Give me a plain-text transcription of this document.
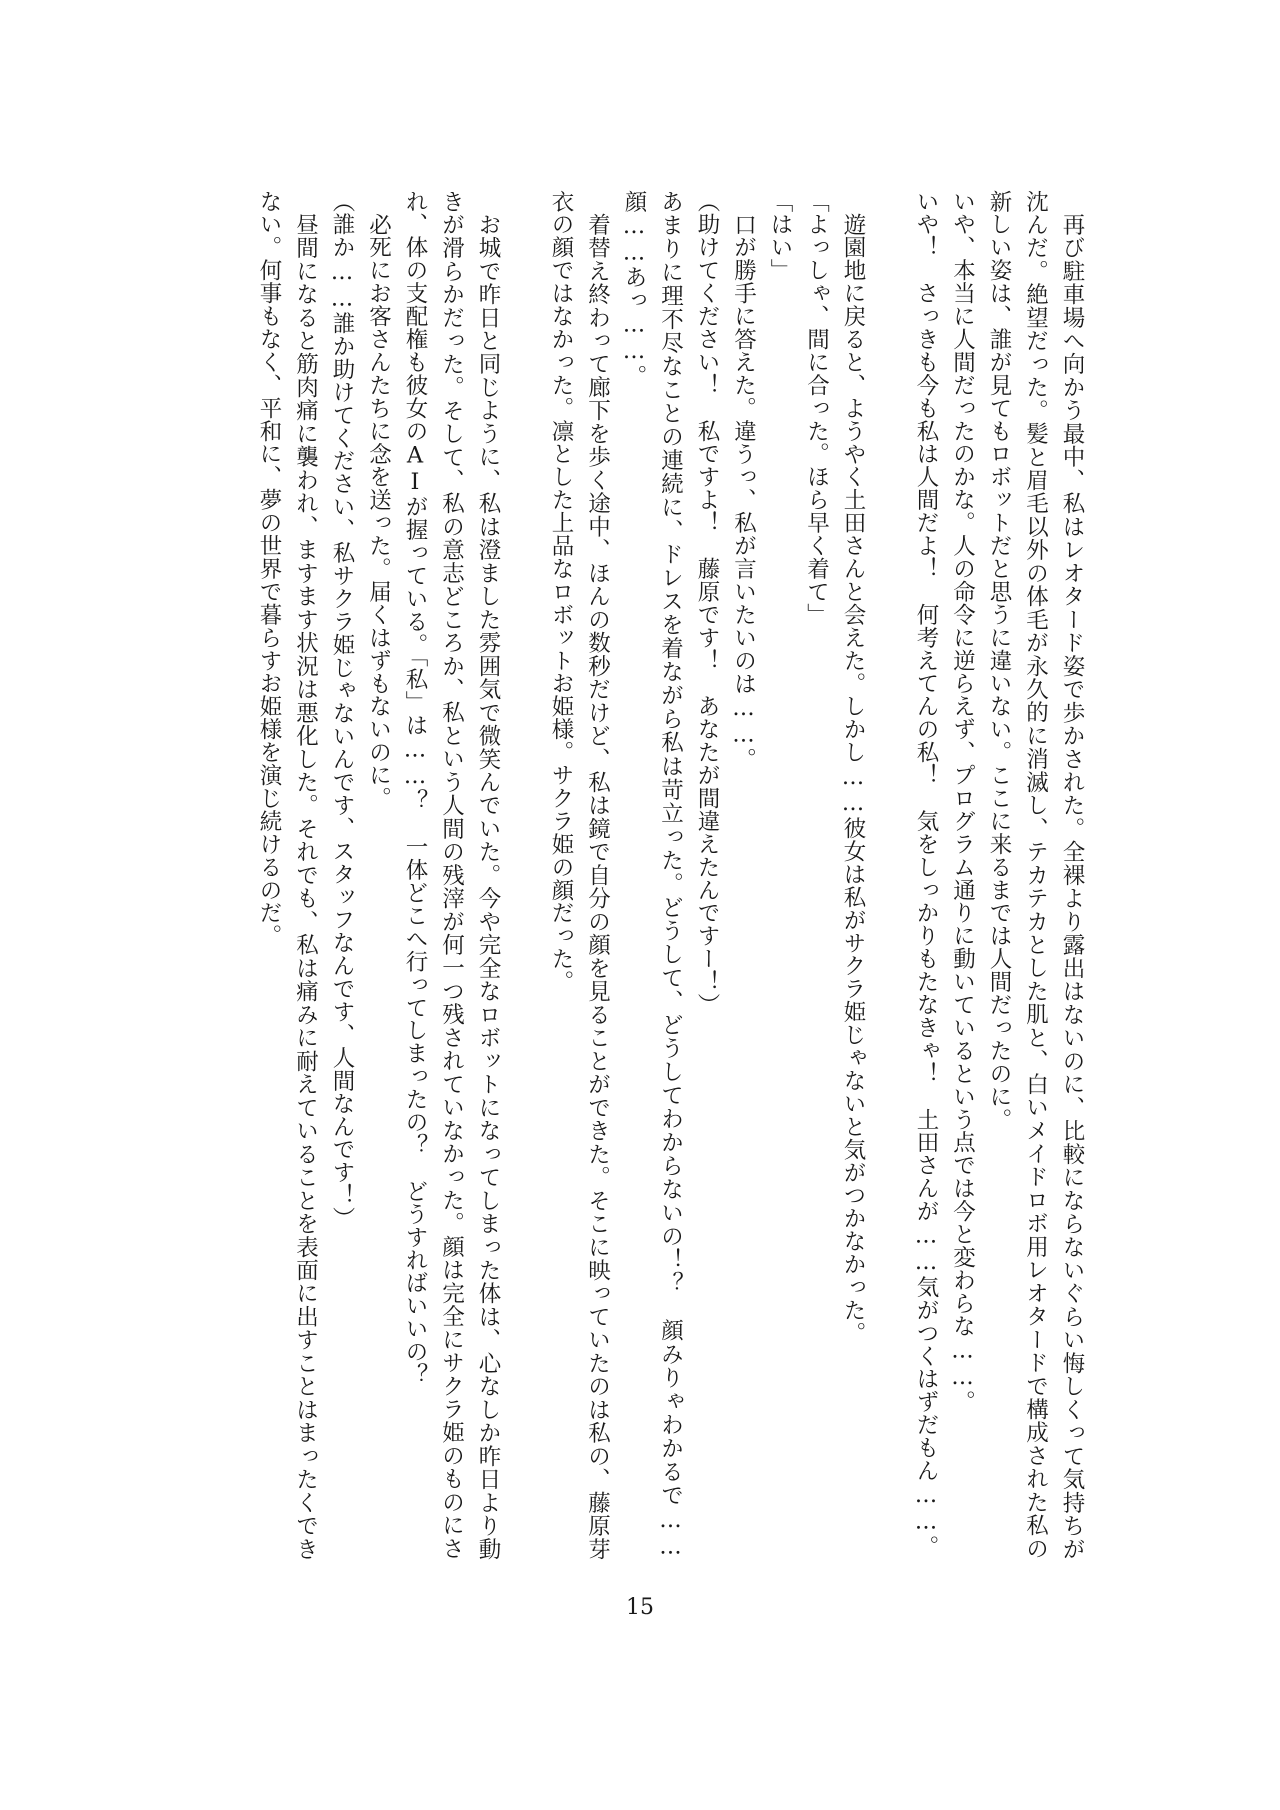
再び駐車場へ向かう最中、私はレオタード姿で歩かされた。全裸より露出はないのに、比較にならないぐらい悔しくって気持ちが沈んだ。絶望だった。髪と眉毛以外の体毛が永久的に消滅し、テカテカとした肌と、白いメイドロボ用レオタードで構成された私の新しい姿は、誰が見てもロボットだと思うに違いない。ここに来るまでは人間だったのに。

いや、本当に人間だったのかな。人の命令に逆らえず、プログラム通りに動いているという点では今と変わらな……。

いや！　さっきも今も私は人間だよ！　何考えてんの私！　気をしっかりもたなきゃ！　土田さんが……気がつくはずだもん……。

遊園地に戻ると、ようやく土田さんと会えた。しかし……彼女は私がサクラ姫じゃないと気がつかなかった。

「よっしゃ、間に合った。ほら早く着て」

「はい」

口が勝手に答えた。違うっ、私が言いたいのは……。

（助けてください！　私ですよ！　藤原です！　あなたが間違えたんですー！）

あまりに理不尽なことの連続に、ドレスを着ながら私は苛立った。どうして、どうしてわからないの！？　顔みりゃわかるで……顔……あっ……。

着替え終わって廊下を歩く途中、ほんの数秒だけど、私は鏡で自分の顔を見ることができた。そこに映っていたのは私の、藤原芽衣の顔ではなかった。凛とした上品なロボットお姫様。サクラ姫の顔だった。

お城で昨日と同じように、私は澄ました雰囲気で微笑んでいた。今や完全なロボットになってしまった体は、心なしか昨日より動きが滑らかだった。そして、私の意志どころか、私という人間の残滓が何一つ残されていなかった。顔は完全にサクラ姫のものにされ、体の支配権も彼女のAIが握っている。「私」は……？　一体どこへ行ってしまったの？　どうすればいいの？

必死にお客さんたちに念を送った。届くはずもないのに。

（誰か……誰か助けてください、私サクラ姫じゃないんです、スタッフなんです、人間なんです！）

昼間になると筋肉痛に襲われ、ますます状況は悪化した。それでも、私は痛みに耐えていることを表面に出すことはまったくできない。何事もなく、平和に、夢の世界で暮らすお姫様を演じ続けるのだ。

15
